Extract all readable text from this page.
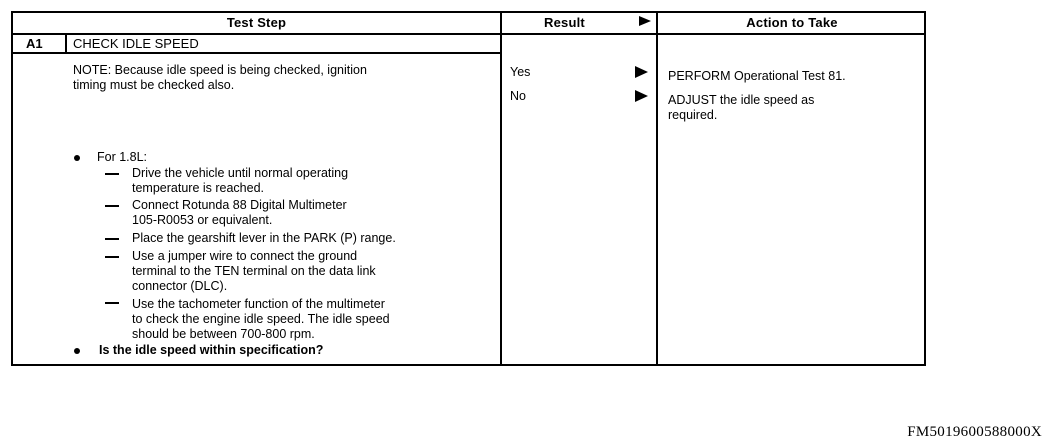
Test Step	Result	Action to Take
A1 CHECK IDLE SPEED
NOTE: Because idle speed is being checked, ignition
timing must be checked also.
For 1.8L:
Drive the vehicle until normal operating
temperature is reached.
Connect Rotunda 88 Digital Multimeter
105-R0053 or equivalent.
Place the gearshift lever in the PARK (P) range.
Use a jumper wire to connect the ground
terminal to the TEN terminal on the data link
connector (DLC).
Use the tachometer function of the multimeter
to check the engine idle speed. The idle speed
should be between 700-800 rpm.
Is the idle speed within specification?
Yes
No
PERFORM Operational Test 81.
ADJUST the idle speed as
required.
FM5019600588000X
